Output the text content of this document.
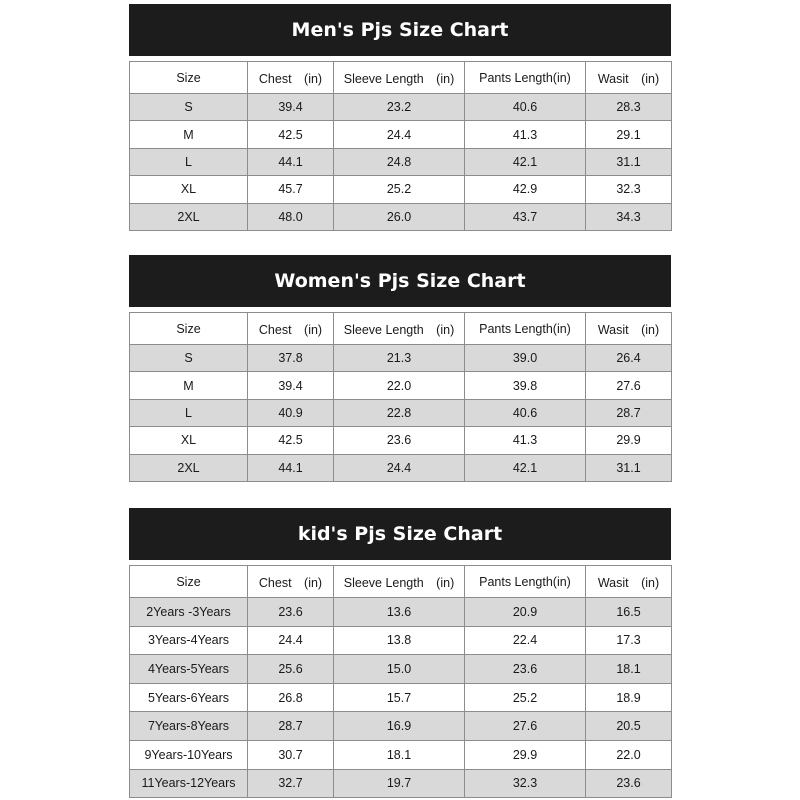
Men's Pjs Size Chart
Size	Chest　(in)	Sleeve Length　(in)	Pants Length(in)	Wasit　(in)
S	39.4	23.2	40.6	28.3
M	42.5	24.4	41.3	29.1
L	44.1	24.8	42.1	31.1
XL	45.7	25.2	42.9	32.3
2XL	48.0	26.0	43.7	34.3
Women's Pjs Size Chart
Size	Chest　(in)	Sleeve Length　(in)	Pants Length(in)	Wasit　(in)
S	37.8	21.3	39.0	26.4
M	39.4	22.0	39.8	27.6
L	40.9	22.8	40.6	28.7
XL	42.5	23.6	41.3	29.9
2XL	44.1	24.4	42.1	31.1
kid's Pjs Size Chart
Size	Chest　(in)	Sleeve Length　(in)	Pants Length(in)	Wasit　(in)
2Years -3Years	23.6	13.6	20.9	16.5
3Years-4Years	24.4	13.8	22.4	17.3
4Years-5Years	25.6	15.0	23.6	18.1
5Years-6Years	26.8	15.7	25.2	18.9
7Years-8Years	28.7	16.9	27.6	20.5
9Years-10Years	30.7	18.1	29.9	22.0
11Years-12Years	32.7	19.7	32.3	23.6
